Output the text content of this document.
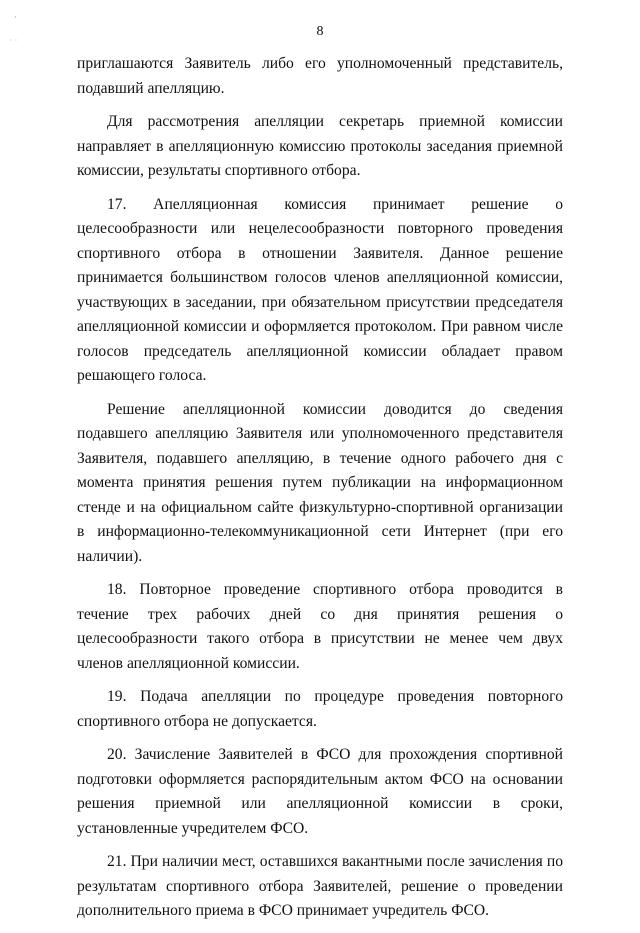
·
· ·
8

приглашаются Заявитель либо его уполномоченный представитель, подавший апелляцию.

Для рассмотрения апелляции секретарь приемной комиссии направляет в апелляционную комиссию протоколы заседания приемной комиссии, результаты спортивного отбора.

17. Апелляционная комиссия принимает решение о целесообразности или нецелесообразности повторного проведения спортивного отбора в отношении Заявителя. Данное решение принимается большинством голосов членов апелляционной комиссии, участвующих в заседании, при обязательном присутствии председателя апелляционной комиссии и оформляется протоколом. При равном числе голосов председатель апелляционной комиссии обладает правом решающего голоса.

Решение апелляционной комиссии доводится до сведения подавшего апелляцию Заявителя или уполномоченного представителя Заявителя, подавшего апелляцию, в течение одного рабочего дня с момента принятия решения путем публикации на информационном стенде и на официальном сайте физкультурно-спортивной организации в информационно-телекоммуникационной сети Интернет (при его наличии).

18. Повторное проведение спортивного отбора проводится в течение трех рабочих дней со дня принятия решения о целесообразности такого отбора в присутствии не менее чем двух членов апелляционной комиссии.

19. Подача апелляции по процедуре проведения повторного спортивного отбора не допускается.

20. Зачисление Заявителей в ФСО для прохождения спортивной подготовки оформляется распорядительным актом ФСО на основании решения приемной или апелляционной комиссии в сроки, установленные учредителем ФСО.

21. При наличии мест, оставшихся вакантными после зачисления по результатам спортивного отбора Заявителей, решение о проведении дополнительного приема в ФСО принимает учредитель ФСО.
